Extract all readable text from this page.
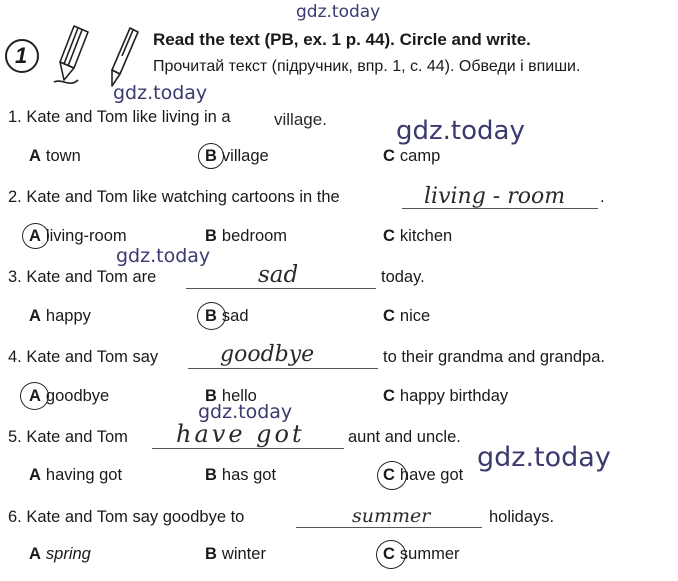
gdz.today
gdz.today
gdz.today
gdz.today
gdz.today
gdz.today
1
Read the text (PB, ex. 1 p. 44). Circle and write.
Прочитай текст (підручник, впр. 1, с. 44). Обведи і впиши.
1. Kate and Tom like living in a	village.
A town	B village	C camp
2. Kate and Tom like watching cartoons in the	living - room .
A living-room	B bedroom	C kitchen
3. Kate and Tom are	sad	today.
A happy	B sad	C nice
4. Kate and Tom say	goodbye	to their grandma and grandpa.
A goodbye	B hello	C happy birthday
5. Kate and Tom have got	aunt and uncle.
A having got	B has got	C have got
6. Kate and Tom say goodbye to	summer	holidays.
A spring	B winter	C summer
